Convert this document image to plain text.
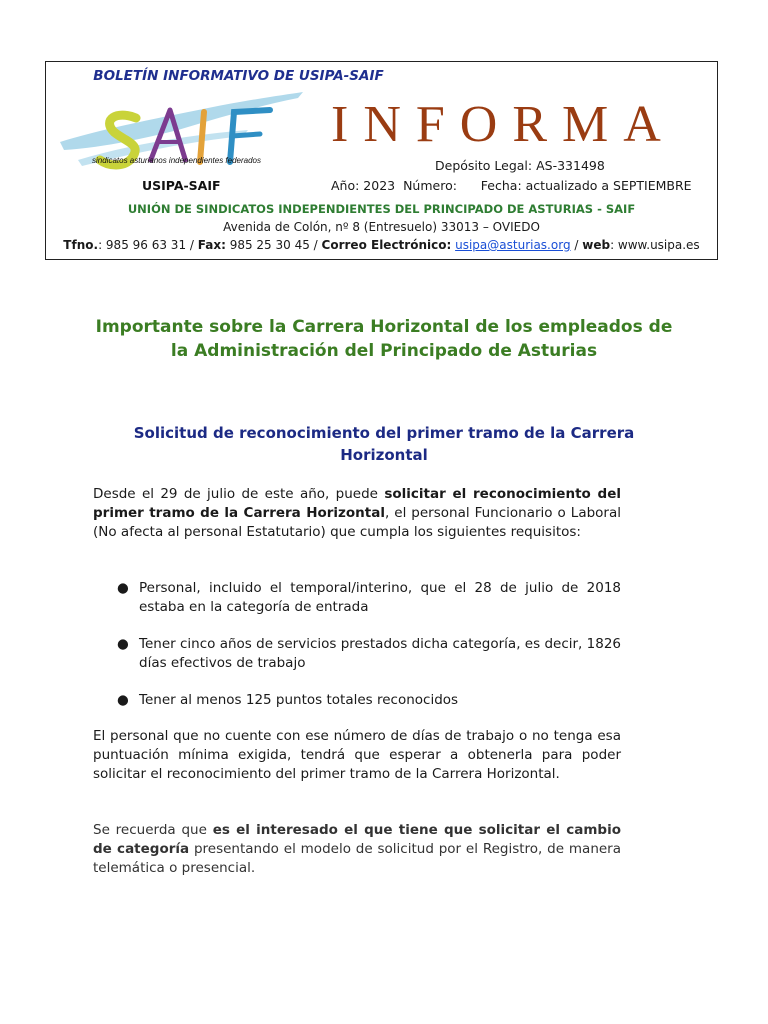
BOLETÍN INFORMATIVO DE USIPA-SAIF
sindicatos asturianos independientes federados
USIPA-SAIF
INFORMA
Depósito Legal: AS-331498
Año: 2023 Número: Fecha: actualizado a SEPTIEMBRE
UNIÓN DE SINDICATOS INDEPENDIENTES DEL PRINCIPADO DE ASTURIAS - SAIF
Avenida de Colón, nº 8 (Entresuelo) 33013 – OVIEDO
Tfno.: 985 96 63 31 / Fax: 985 25 30 45 / Correo Electrónico: usipa@asturias.org / web: www.usipa.es
Importante sobre la Carrera Horizontal de los empleados de la Administración del Principado de Asturias
Solicitud de reconocimiento del primer tramo de la Carrera Horizontal
Desde el 29 de julio de este año, puede solicitar el reconocimiento del primer tramo de la Carrera Horizontal, el personal Funcionario o Laboral (No afecta al personal Estatutario) que cumpla los siguientes requisitos:
● Personal, incluido el temporal/interino, que el 28 de julio de 2018 estaba en la categoría de entrada
● Tener cinco años de servicios prestados dicha categoría, es decir, 1826 días efectivos de trabajo
● Tener al menos 125 puntos totales reconocidos
El personal que no cuente con ese número de días de trabajo o no tenga esa puntuación mínima exigida, tendrá que esperar a obtenerla para poder solicitar el reconocimiento del primer tramo de la Carrera Horizontal.
Se recuerda que es el interesado el que tiene que solicitar el cambio de categoría presentando el modelo de solicitud por el Registro, de manera telemática o presencial.
